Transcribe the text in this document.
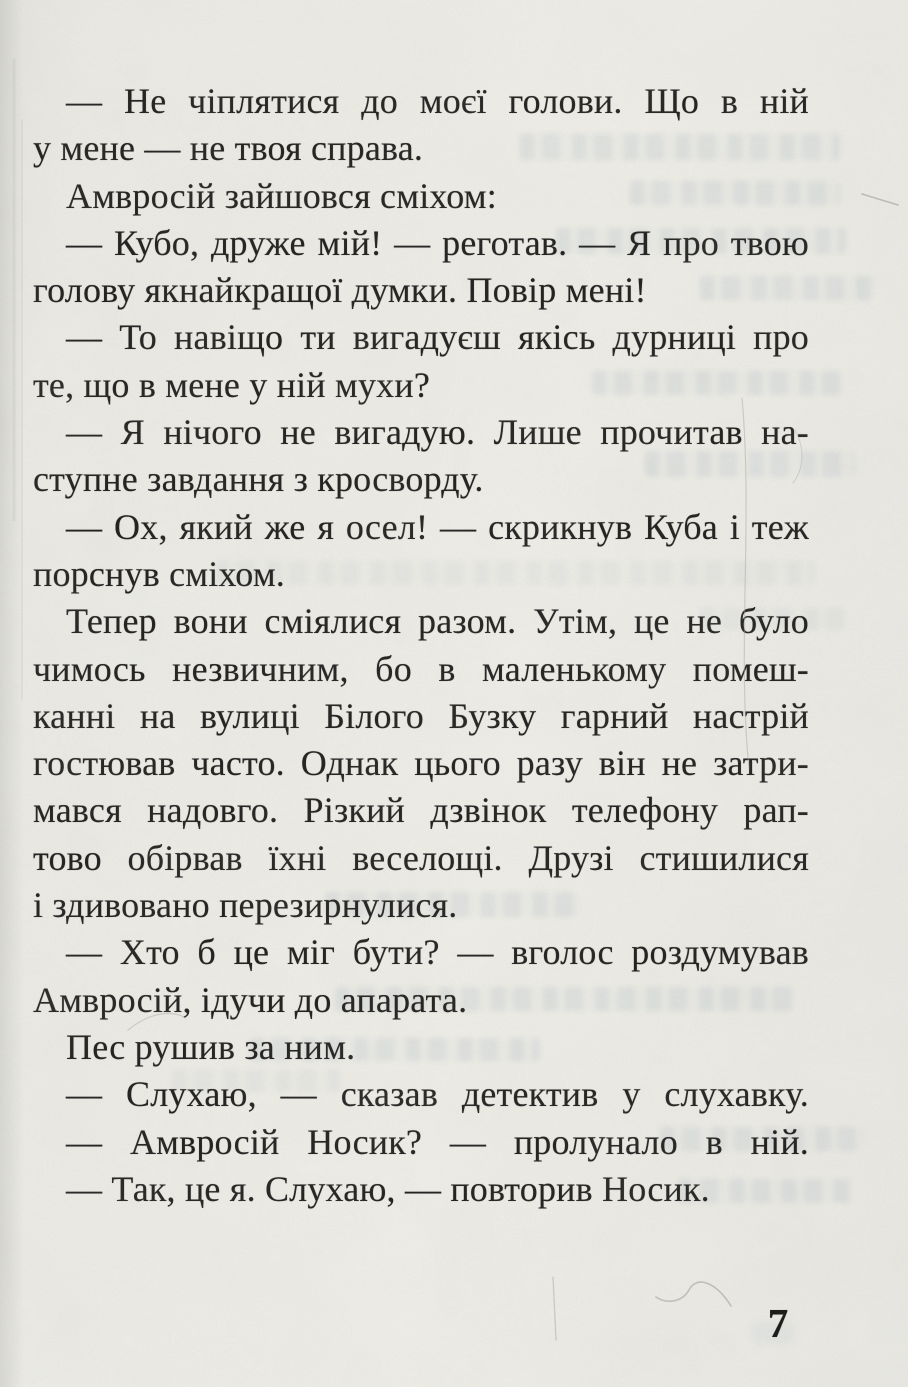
— Не чіплятися до моєї голови. Що в ній
у мене — не твоя справа.
Амвросій зайшовся сміхом:
— Кубо, друже мій! — реготав. — Я про твою
голову якнайкращої думки. Повір мені!
— То навіщо ти вигадуєш якісь дурниці про
те, що в мене у ній мухи?
— Я нічого не вигадую. Лише прочитав на-
ступне завдання з кросворду.
— Ох, який же я осел! — скрикнув Куба і теж
порснув сміхом.
Тепер вони сміялися разом. Утім, це не було
чимось незвичним, бо в маленькому помеш-
канні на вулиці Білого Бузку гарний настрій
гостював часто. Однак цього разу він не затри-
мався надовго. Різкий дзвінок телефону рап-
тово обірвав їхні веселощі. Друзі стишилися
і здивовано перезирнулися.
— Хто б це міг бути? — вголос роздумував
Амвросій, ідучи до апарата.
Пес рушив за ним.
— Слухаю, — сказав детектив у слухавку.
— Амвросій Носик? — пролунало в ній.
— Так, це я. Слухаю, — повторив Носик.
7
